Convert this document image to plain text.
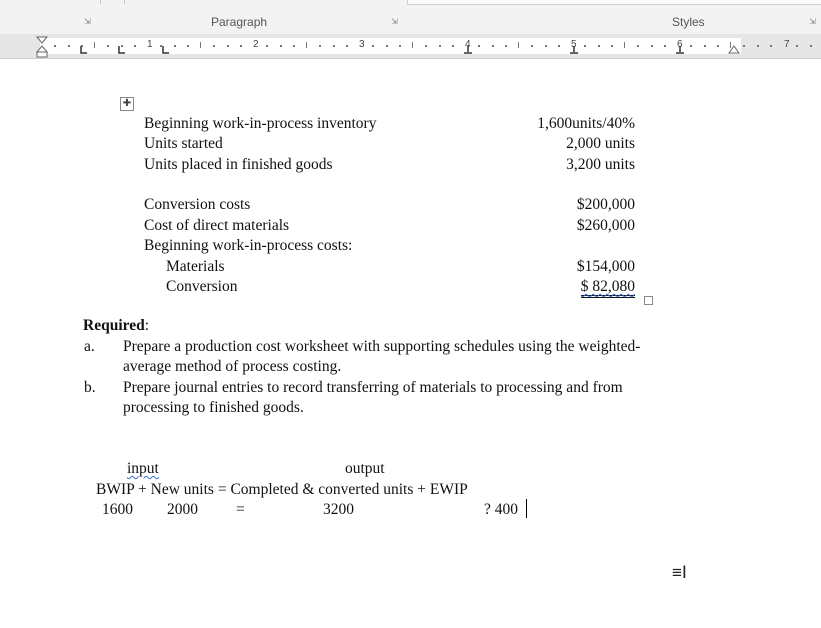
⇲	Paragraph	⇲	Styles	⇲
1	2	3	4	5	6	7
✚
Beginning work-in-process inventory	1,600units/40%
Units started	2,000 units
Units placed in finished goods	3,200 units
Conversion costs	$200,000
Cost of direct materials	$260,000
Beginning work-in-process costs:
Materials	$154,000
Conversion	$ 82,080
Required:
a. Prepare a production cost worksheet with supporting schedules using the weighted-
average method of process costing.
b. Prepare journal entries to record transferring of materials to processing and from
processing to finished goods.
input	output
BWIP + New units = Completed & converted units + EWIP
1600 2000 =	3200	? 400
≡Ⅰ
